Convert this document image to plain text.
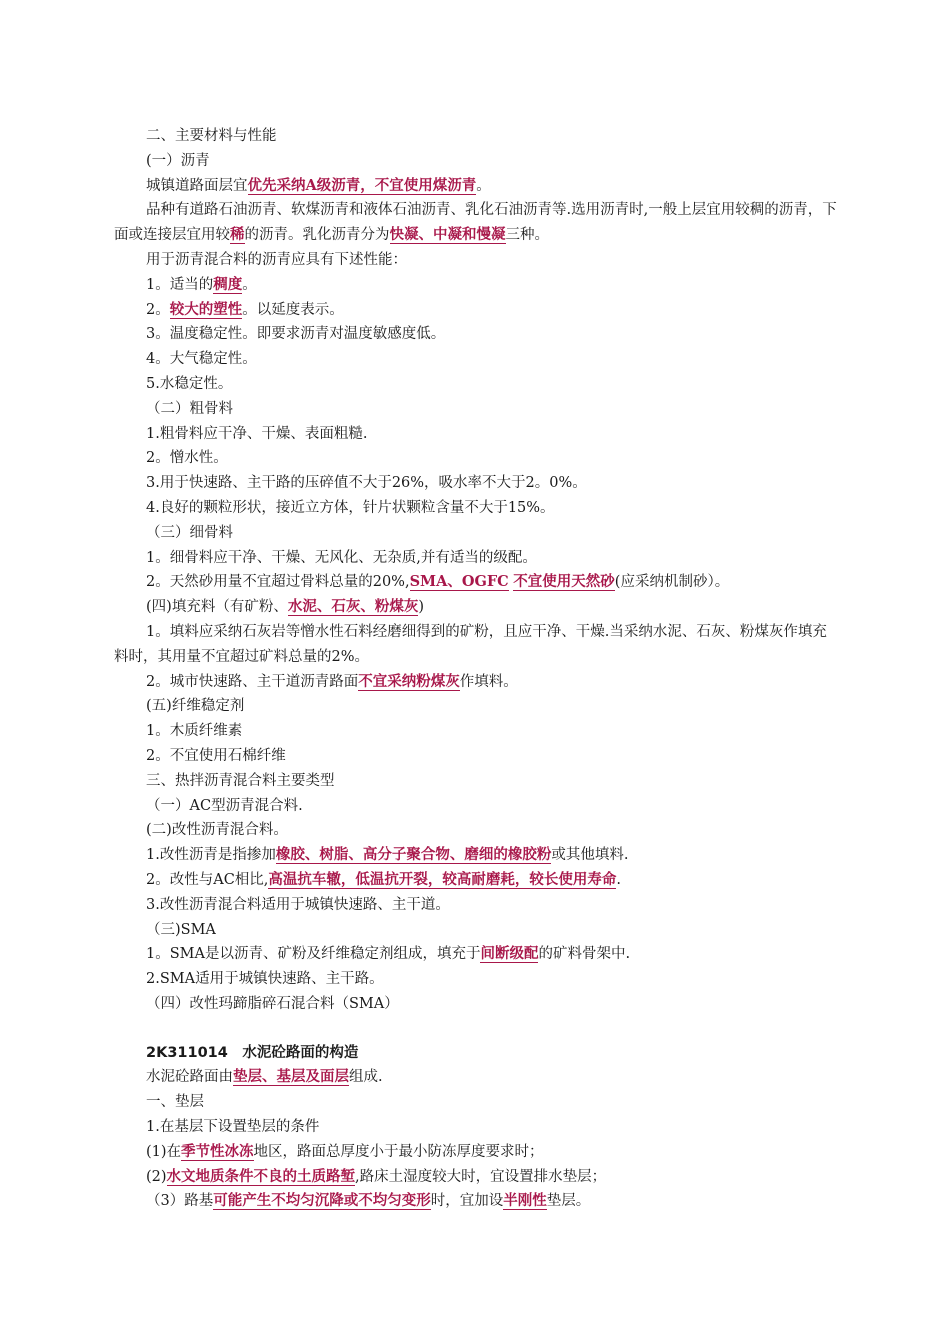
二、主要材料与性能
(一）沥青
城镇道路面层宜优先采纳A级沥青，不宜使用煤沥青。
品种有道路石油沥青、软煤沥青和液体石油沥青、乳化石油沥青等.选用沥青时,一般上层宜用较稠的沥青，下面或连接层宜用较稀的沥青。乳化沥青分为快凝、中凝和慢凝三种。
用于沥青混合料的沥青应具有下述性能：
1。适当的稠度。
2。较大的塑性。以延度表示。
3。温度稳定性。即要求沥青对温度敏感度低。
4。大气稳定性。
5.水稳定性。
（二）粗骨料
1.粗骨料应干净、干燥、表面粗糙.
2。憎水性。
3.用于快速路、主干路的压碎值不大于26%，吸水率不大于2。0%。
4.良好的颗粒形状，接近立方体，针片状颗粒含量不大于15%。
（三）细骨料
1。细骨料应干净、干燥、无风化、无杂质,并有适当的级配。
2。天然砂用量不宜超过骨料总量的20%,SMA、OGFC 不宜使用天然砂(应采纳机制砂）。
(四)填充料（有矿粉、水泥、石灰、粉煤灰)
1。填料应采纳石灰岩等憎水性石料经磨细得到的矿粉，且应干净、干燥.当采纳水泥、石灰、粉煤灰作填充料时，其用量不宜超过矿料总量的2%。
2。城市快速路、主干道沥青路面不宜采纳粉煤灰作填料。
(五)纤维稳定剂
1。木质纤维素
2。不宜使用石棉纤维
三、热拌沥青混合料主要类型
（一）AC型沥青混合料.
(二)改性沥青混合料。
1.改性沥青是指掺加橡胶、树脂、高分子聚合物、磨细的橡胶粉或其他填料.
2。改性与AC相比,高温抗车辙，低温抗开裂，较高耐磨耗，较长使用寿命.
3.改性沥青混合料适用于城镇快速路、主干道。
（三)SMA
1。SMA是以沥青、矿粉及纤维稳定剂组成，填充于间断级配的矿料骨架中.
2.SMA适用于城镇快速路、主干路。
（四）改性玛蹄脂碎石混合料（SMA）
2K311014　水泥砼路面的构造
水泥砼路面由垫层、基层及面层组成.
一、垫层
1.在基层下设置垫层的条件
(1)在季节性冰冻地区，路面总厚度小于最小防冻厚度要求时；
(2)水文地质条件不良的土质路堑,路床土湿度较大时，宜设置排水垫层；
（3）路基可能产生不均匀沉降或不均匀变形时，宜加设半刚性垫层。
